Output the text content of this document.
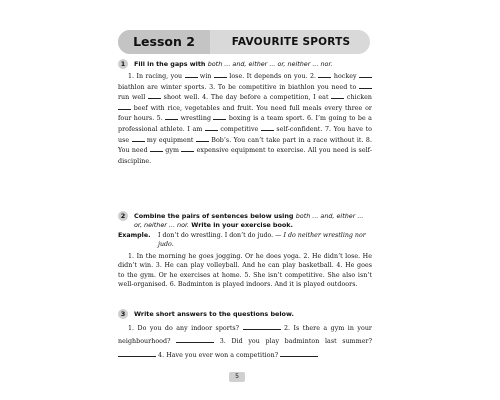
Lesson 2	FAVOURITE SPORTS
1	Fill in the gaps with both ... and, either ... or, neither ... nor.

1. In racing, you  win  lose. It depends on you. 2.  hockey  biathlon are winter sports. 3. To be competitive in biathlon you need to  run well  shoot well. 4. The day before a competition, I eat  chicken  beef with rice, vegetables and fruit. You need full meals every three or four hours. 5.  wrestling  boxing is a team sport. 6. I’m going to be a professional athlete. I am  competitive  self-confident. 7. You have to use  my equipment  Bob’s. You can’t take part in a race without it. 8. You need  gym  expensive equipment to exercise. All you need is self-discipline.

2	Combine the pairs of sentences below using both ... and, either ... or, neither ... nor. Write in your exercise book.
Example. I don’t do wrestling. I don’t do judo. — I do neither wrestling nor judo.

1. In the morning he goes jogging. Or he does yoga. 2. He didn’t lose. He didn’t win. 3. He can play volleyball. And he can play basketball. 4. He goes to the gym. Or he exercises at home. 5. She isn’t competitive. She also isn’t well-organised. 6. Badminton is played indoors. And it is played outdoors.

3	Write short answers to the questions below.

1. Do you do any indoor sports?	2. Is there a gym in your neighbourhood?	3. Did you play badminton last summer?  4. Have you ever won a competition?

5
